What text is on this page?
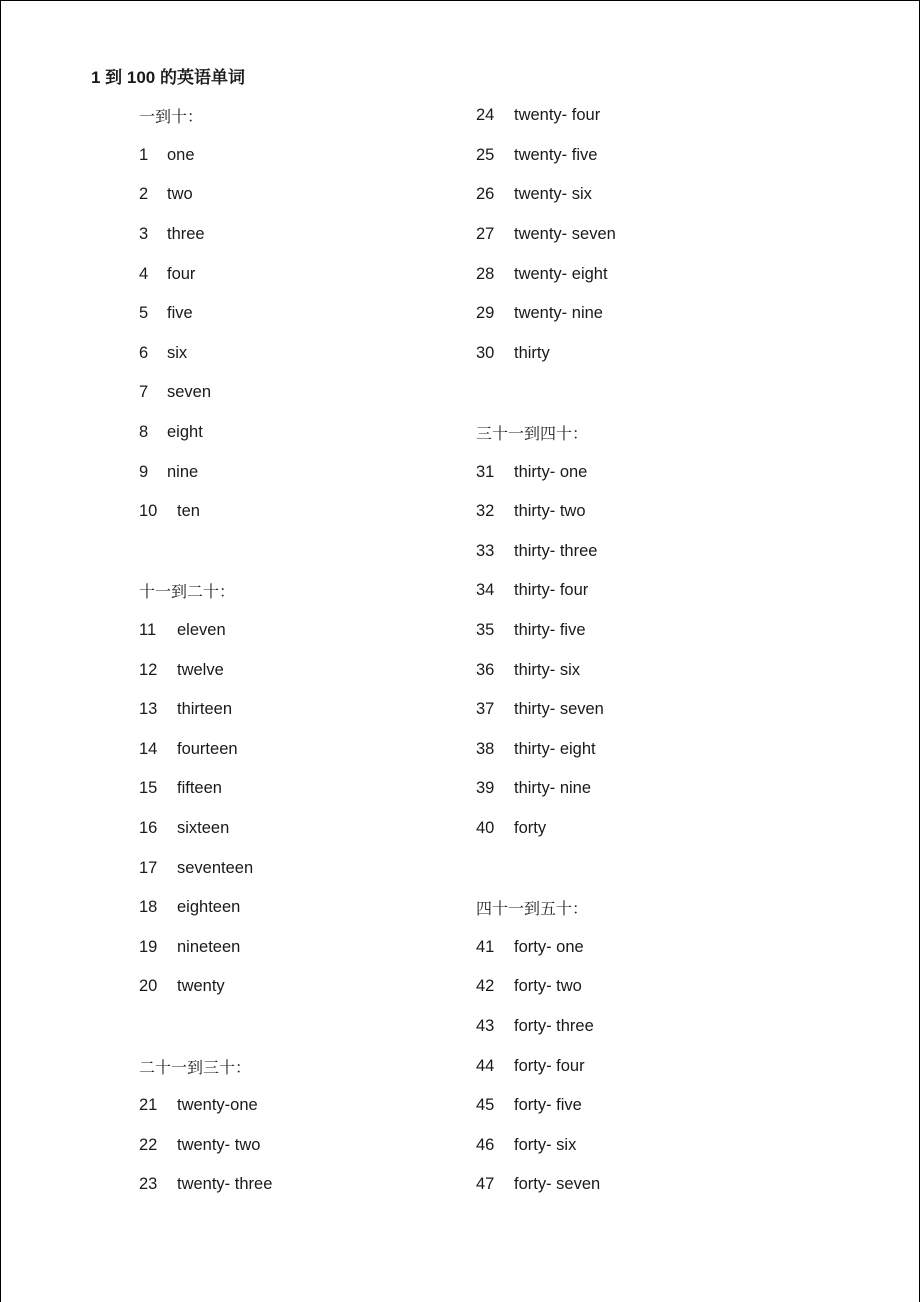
1 到 100 的英语单词
一到十：
1	one
2	two
3	three
4	four
5	five
6	six
7	seven
8	eight
9	nine
10	ten
十一到二十：
11	eleven
12	twelve
13	thirteen
14	fourteen
15	fifteen
16	sixteen
17	seventeen
18	eighteen
19	nineteen
20	twenty
二十一到三十：
21	twenty-one
22	twenty- two
23	twenty- three
24	twenty- four
25	twenty- five
26	twenty- six
27	twenty- seven
28	twenty- eight
29	twenty- nine
30	thirty
三十一到四十：
31	thirty- one
32	thirty- two
33	thirty- three
34	thirty- four
35	thirty- five
36	thirty- six
37	thirty- seven
38	thirty- eight
39	thirty- nine
40	forty
四十一到五十：
41	forty- one
42	forty- two
43	forty- three
44	forty- four
45	forty- five
46	forty- six
47	forty- seven
